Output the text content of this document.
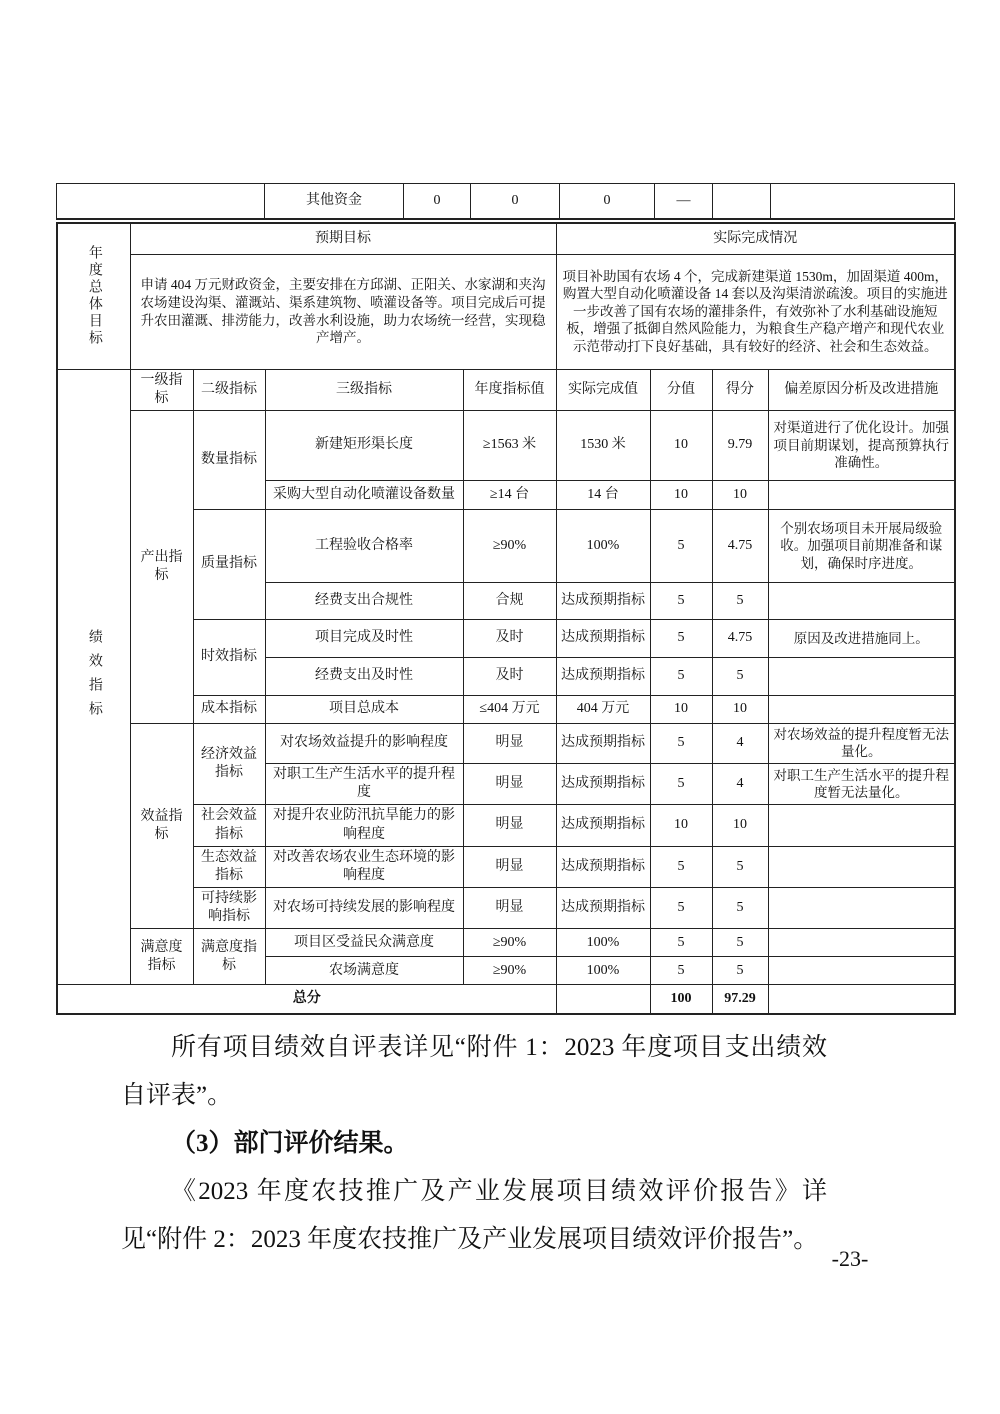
	其他资金	0	0	0	—		
年度总体目标	预期目标				实际完成情况			
	申请 404 万元财政资金，主要安排在方邱湖、正阳关、水家湖和夹沟农场建设沟渠、灌溉站、渠系建筑物、喷灌设备等。项目完成后可提升农田灌溉、排涝能力，改善水利设施，助力农场统一经营，实现稳产增产。				项目补助国有农场 4 个，完成新建渠道 1530m，加固渠道 400m，购置大型自动化喷灌设备 14 套以及沟渠清淤疏浚。项目的实施进一步改善了国有农场的灌排条件，有效弥补了水利基础设施短板，增强了抵御自然风险能力，为粮食生产稳产增产和现代农业示范带动打下良好基础，具有较好的经济、社会和生态效益。			

绩效指标	一级指标	二级指标	三级指标	年度指标值	实际完成值	分值	得分	偏差原因分析及改进措施
	产出指标	数量指标	新建矩形渠长度	≥1563 米	1530 米	10	9.79	对渠道进行了优化设计。加强项目前期谋划，提高预算执行准确性。
			采购大型自动化喷灌设备数量	≥14 台	14 台	10	10	
		质量指标	工程验收合格率	≥90%	100%	5	4.75	个别农场项目未开展局级验收。加强项目前期准备和谋划，确保时序进度。
			经费支出合规性	合规	达成预期指标	5	5	
		时效指标	项目完成及时性	及时	达成预期指标	5	4.75	原因及改进措施同上。
			经费支出及时性	及时	达成预期指标	5	5	
		成本指标	项目总成本	≤404 万元	404 万元	10	10	
	效益指标	经济效益指标	对农场效益提升的影响程度	明显	达成预期指标	5	4	对农场效益的提升程度暂无法量化。
			对职工生产生活水平的提升程度	明显	达成预期指标	5	4	对职工生产生活水平的提升程度暂无法量化。
		社会效益指标	对提升农业防汛抗旱能力的影响程度	明显	达成预期指标	10	10	
		生态效益指标	对改善农场农业生态环境的影响程度	明显	达成预期指标	5	5	
		可持续影响指标	对农场可持续发展的影响程度	明显	达成预期指标	5	5	
	满意度指标	满意度指标	项目区受益民众满意度	≥90%	100%	5	5	
			农场满意度	≥90%	100%	5	5	
总分						100	97.29	

所有项目绩效自评表详见“附件 1：2023 年度项目支出绩效自评表”。

（3）部门评价结果。

《2023 年度农技推广及产业发展项目绩效评价报告》详见“附件 2：2023 年度农技推广及产业发展项目绩效评价报告”。

-23-
